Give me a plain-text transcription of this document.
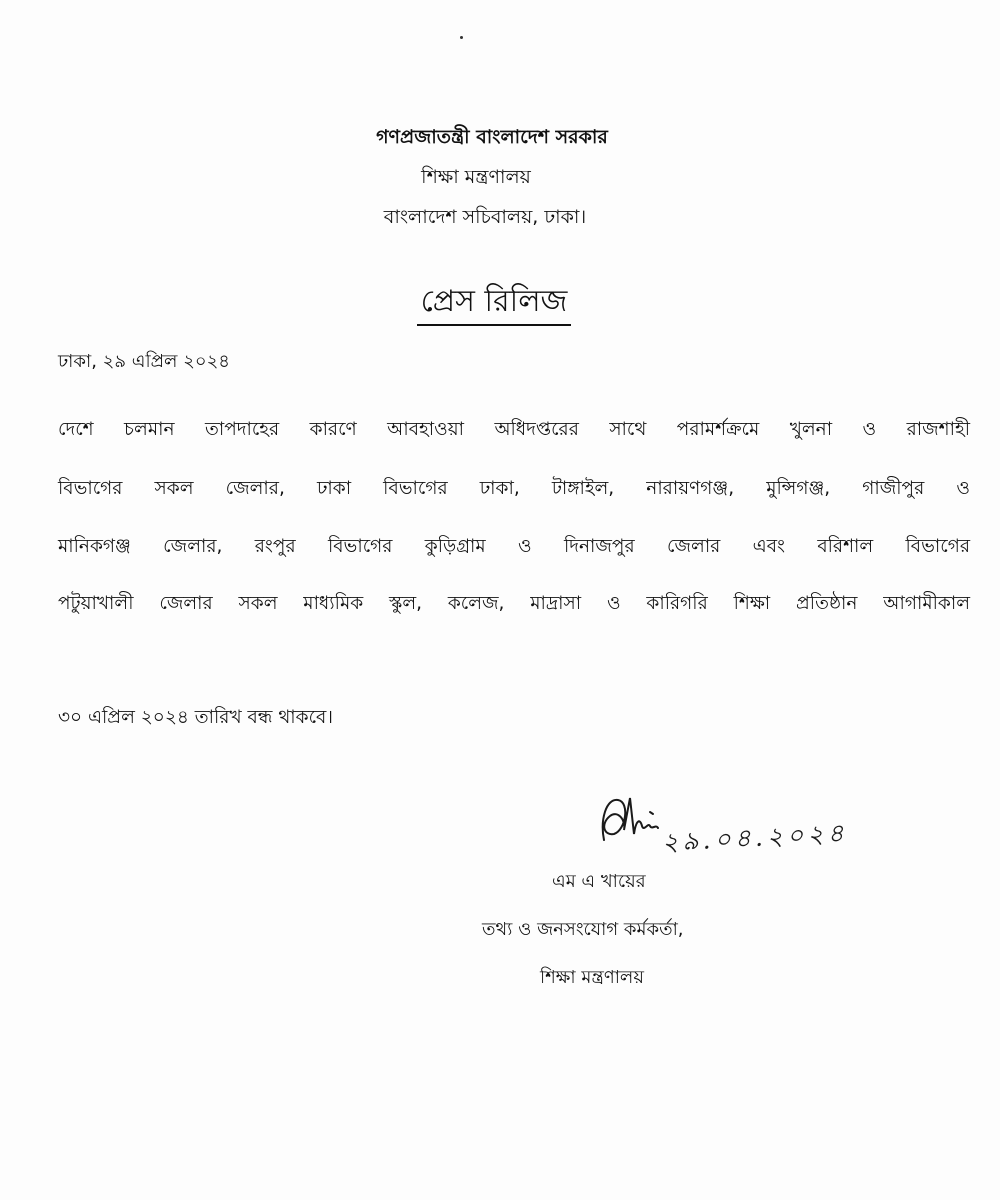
গণপ্রজাতন্ত্রী বাংলাদেশ সরকার
শিক্ষা মন্ত্রণালয়
বাংলাদেশ সচিবালয়, ঢাকা।
প্রেস রিলিজ
ঢাকা, ২৯ এপ্রিল ২০২৪
দেশে চলমান তাপদাহের কারণে আবহাওয়া অধিদপ্তরের সাথে পরামর্শক্রমে খুলনা ও রাজশাহী
বিভাগের সকল জেলার, ঢাকা বিভাগের ঢাকা, টাঙ্গাইল, নারায়ণগঞ্জ, মুন্সিগঞ্জ, গাজীপুর ও
মানিকগঞ্জ জেলার, রংপুর বিভাগের কুড়িগ্রাম ও দিনাজপুর জেলার এবং বরিশাল বিভাগের
পটুয়াখালী জেলার সকল মাধ্যমিক স্কুল, কলেজ, মাদ্রাসা ও কারিগরি শিক্ষা প্রতিষ্ঠান আগামীকাল
৩০ এপ্রিল ২০২৪ তারিখ বন্ধ থাকবে।
২৯.০৪.২০২৪
এম এ খায়ের
তথ্য ও জনসংযোগ কর্মকর্তা,
শিক্ষা মন্ত্রণালয়
